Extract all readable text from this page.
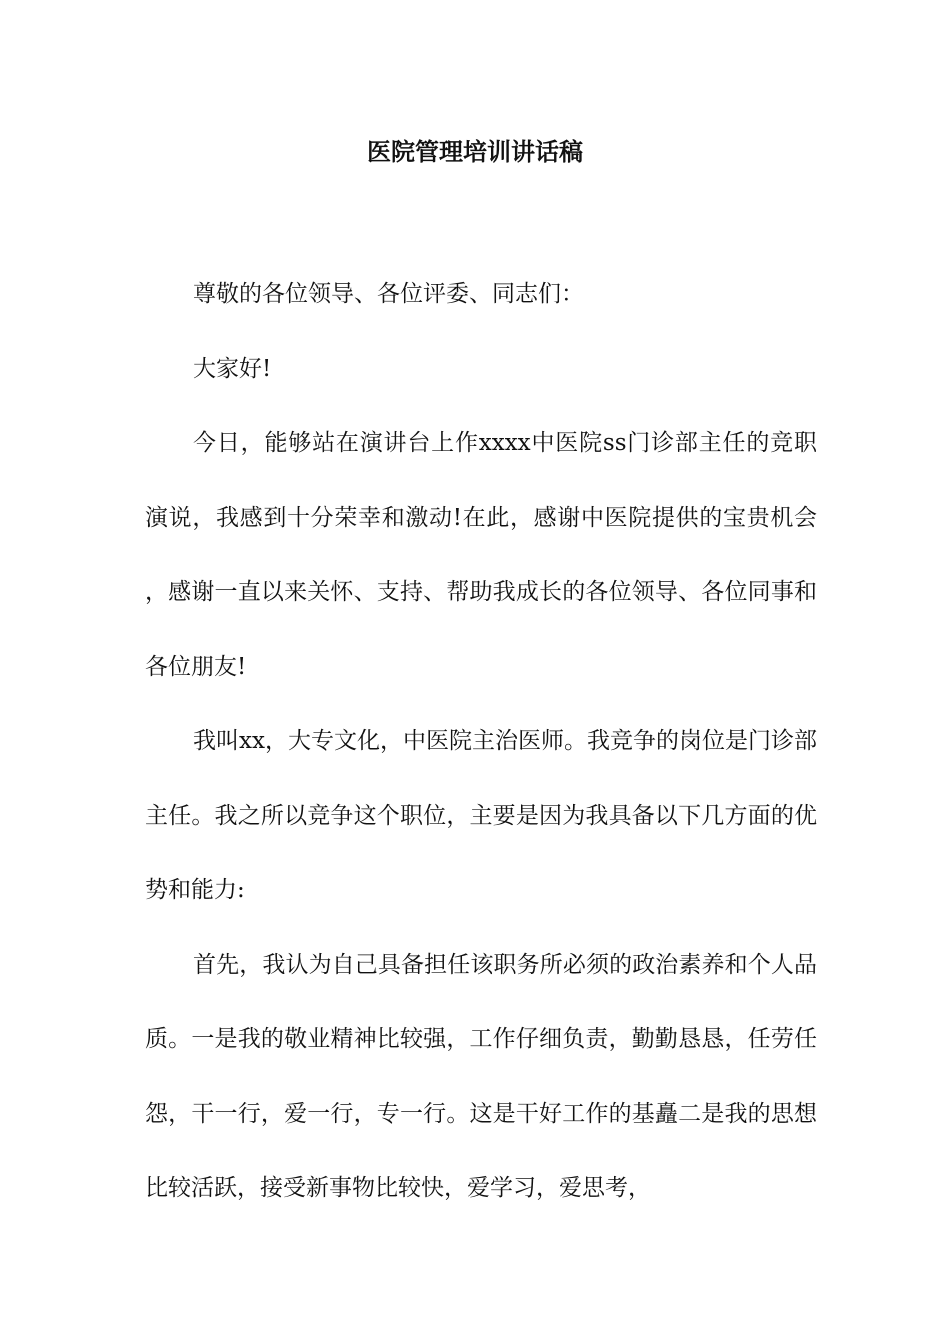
医院管理培训讲话稿

尊敬的各位领导、各位评委、同志们：

大家好!

今日，能够站在演讲台上作xxxx中医院ss门诊部主任的竞职演说，我感到十分荣幸和激动!在此，感谢中医院提供的宝贵机会，感谢一直以来关怀、支持、帮助我成长的各位领导、各位同事和各位朋友!

我叫xx，大专文化，中医院主治医师。我竞争的岗位是门诊部主任。我之所以竞争这个职位，主要是因为我具备以下几方面的优势和能力:

首先，我认为自己具备担任该职务所必须的政治素养和个人品质。一是我的敬业精神比较强，工作仔细负责，勤勤恳恳，任劳任怨，干一行，爱一行，专一行。这是干好工作的基矗二是我的思想比较活跃，接受新事物比较快，爱学习，爱思考，
